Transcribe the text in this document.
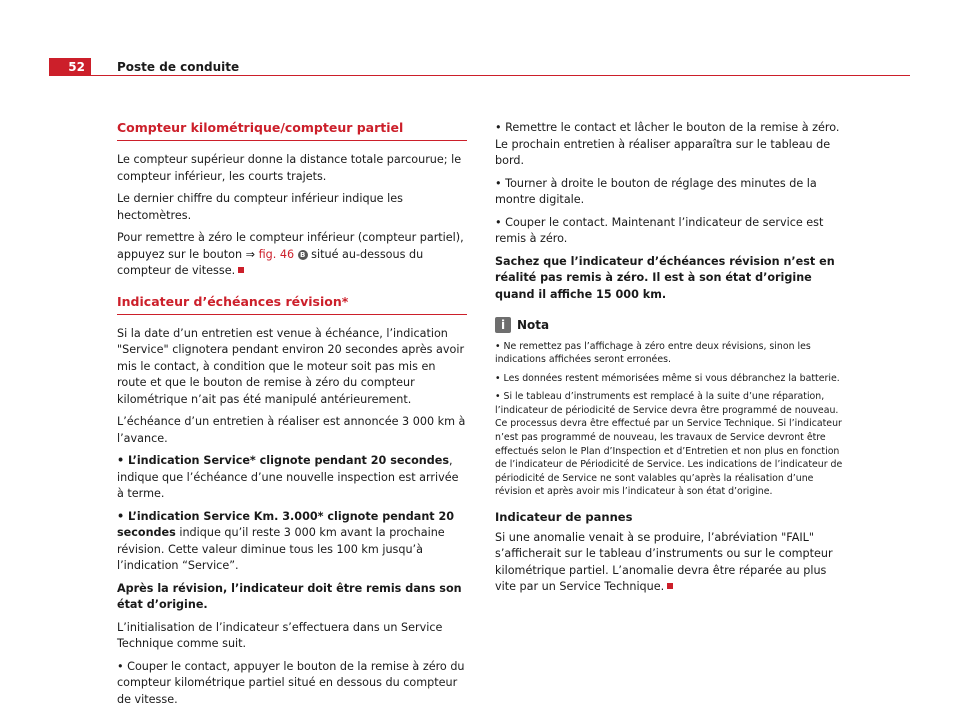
52	Poste de conduite
Compteur kilométrique/compteur partiel

Le compteur supérieur donne la distance totale parcourue; le compteur inférieur, les courts trajets.

Le dernier chiffre du compteur inférieur indique les hectomètres.

Pour remettre à zéro le compteur inférieur (compteur partiel), appuyez sur le bouton ⇒ fig. 46 B situé au-dessous du compteur de vitesse.

Indicateur d’échéances révision*

Si la date d’un entretien est venue à échéance, l’indication "Service" clignotera pendant environ 20 secondes après avoir mis le contact, à condition que le moteur soit pas mis en route et que le bouton de remise à zéro du compteur kilométrique n’ait pas été manipulé antérieurement.

L’échéance d’un entretien à réaliser est annoncée 3 000 km à l’avance.

• L’indication Service* clignote pendant 20 secondes, indique que l’échéance d’une nouvelle inspection est arrivée à terme.

• L’indication Service Km. 3.000* clignote pendant 20 secondes indique qu’il reste 3 000 km avant la prochaine révision. Cette valeur diminue tous les 100 km jusqu’à l’indication “Service”.

Après la révision, l’indicateur doit être remis dans son état d’origine.

L’initialisation de l’indicateur s’effectuera dans un Service Technique comme suit.

• Couper le contact, appuyer le bouton de la remise à zéro du compteur kilométrique partiel situé en dessous du compteur de vitesse.

• Remettre le contact et lâcher le bouton de la remise à zéro. Le prochain entretien à réaliser apparaîtra sur le tableau de bord.

• Tourner à droite le bouton de réglage des minutes de la montre digitale.

• Couper le contact. Maintenant l’indicateur de service est remis à zéro.

Sachez que l’indicateur d’échéances révision n’est en réalité pas remis à zéro. Il est à son état d’origine quand il affiche 15 000 km.

i Nota

• Ne remettez pas l’affichage à zéro entre deux révisions, sinon les indications affichées seront erronées.

• Les données restent mémorisées même si vous débranchez la batterie.

• Si le tableau d’instruments est remplacé à la suite d’une réparation, l’indicateur de périodicité de Service devra être programmé de nouveau. Ce processus devra être effectué par un Service Technique. Si l’indicateur n’est pas programmé de nouveau, les travaux de Service devront être effectués selon le Plan d’Inspection et d’Entretien et non plus en fonction de l’indicateur de Périodicité de Service. Les indications de l’indicateur de périodicité de Service ne sont valables qu’après la réalisation d’une révision et après avoir mis l’indicateur à son état d’origine.

Indicateur de pannes

Si une anomalie venait à se produire, l’abréviation "FAIL" s’afficherait sur le tableau d’instruments ou sur le compteur kilométrique partiel. L’anomalie devra être réparée au plus vite par un Service Technique.
